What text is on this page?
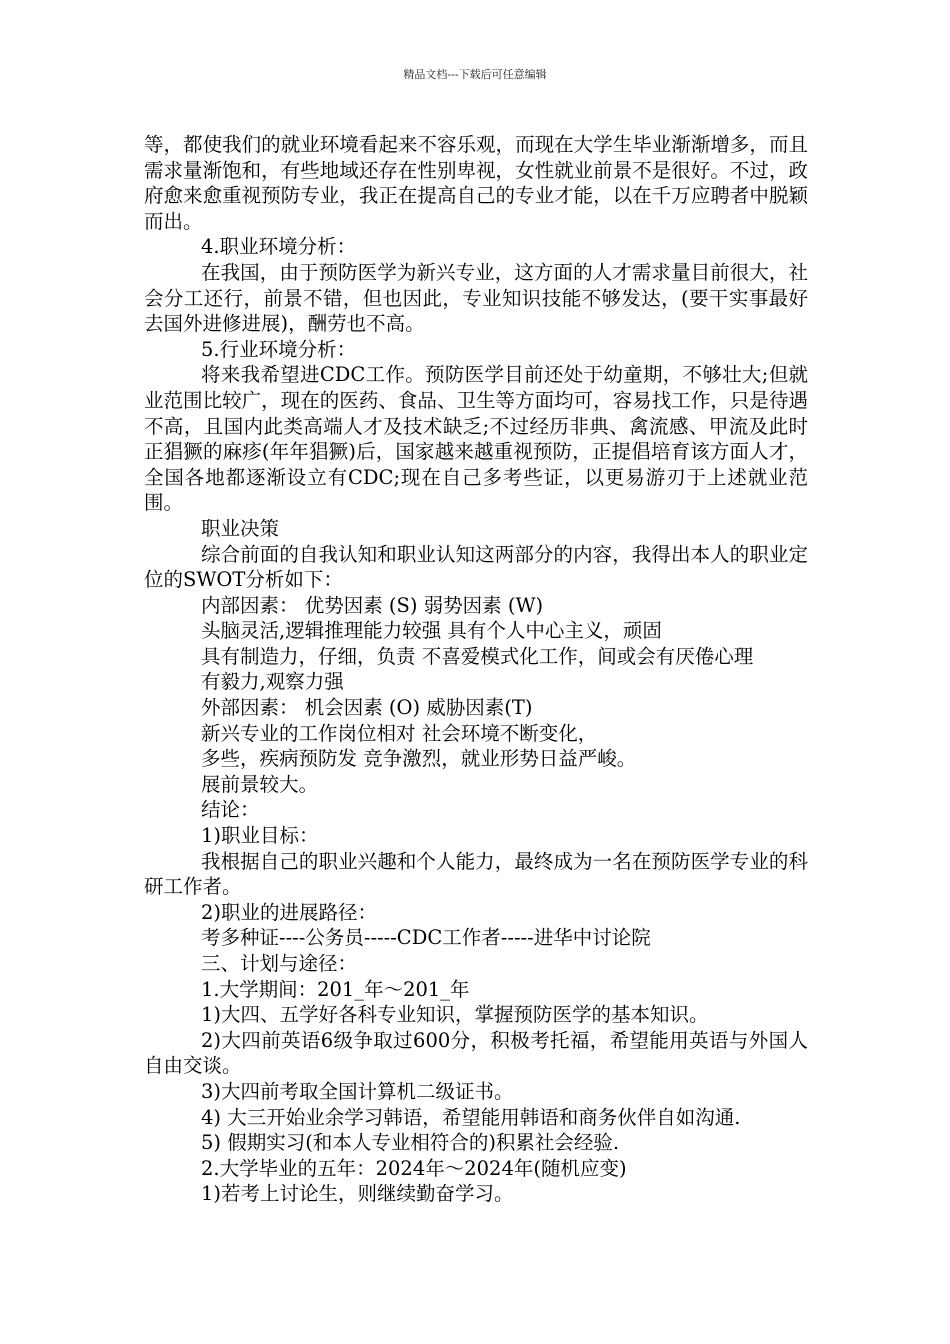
精品文档---下载后可任意编辑

等，都使我们的就业环境看起来不容乐观，而现在大学生毕业渐渐增多，而且需求量渐饱和，有些地域还存在性别卑视，女性就业前景不是很好。不过，政府愈来愈重视预防专业，我正在提高自己的专业才能，以在千万应聘者中脱颖而出。

4.职业环境分析：

在我国，由于预防医学为新兴专业，这方面的人才需求量目前很大，社会分工还行，前景不错，但也因此，专业知识技能不够发达，(要干实事最好去国外进修进展)，酬劳也不高。

5.行业环境分析：

将来我希望进CDC工作。预防医学目前还处于幼童期，不够壮大;但就业范围比较广，现在的医药、食品、卫生等方面均可，容易找工作，只是待遇不高，且国内此类高端人才及技术缺乏;不过经历非典、禽流感、甲流及此时正猖獗的麻疹(年年猖獗)后，国家越来越重视预防，正提倡培育该方面人才，全国各地都逐渐设立有CDC;现在自己多考些证，以更易游刃于上述就业范围。

职业决策

综合前面的自我认知和职业认知这两部分的内容，我得出本人的职业定位的SWOT分析如下：

内部因素： 优势因素 (S) 弱势因素 (W)

头脑灵活,逻辑推理能力较强 具有个人中心主义，顽固

具有制造力，仔细，负责 不喜爱模式化工作，间或会有厌倦心理

有毅力,观察力强

外部因素： 机会因素 (O) 威胁因素(T)

新兴专业的工作岗位相对 社会环境不断变化，

多些，疾病预防发 竞争激烈，就业形势日益严峻。

展前景较大。

结论：

1)职业目标：

我根据自己的职业兴趣和个人能力，最终成为一名在预防医学专业的科研工作者。

2)职业的进展路径：

考多种证----公务员-----CDC工作者-----进华中讨论院

三、计划与途径：

1.大学期间：201_年～201_年

1)大四、五学好各科专业知识，掌握预防医学的基本知识。

2)大四前英语6级争取过600分，积极考托福，希望能用英语与外国人自由交谈。

3)大四前考取全国计算机二级证书。

4) 大三开始业余学习韩语，希望能用韩语和商务伙伴自如沟通.

5) 假期实习(和本人专业相符合的)积累社会经验.

2.大学毕业的五年：2024年～2024年(随机应变)

1)若考上讨论生，则继续勤奋学习。
